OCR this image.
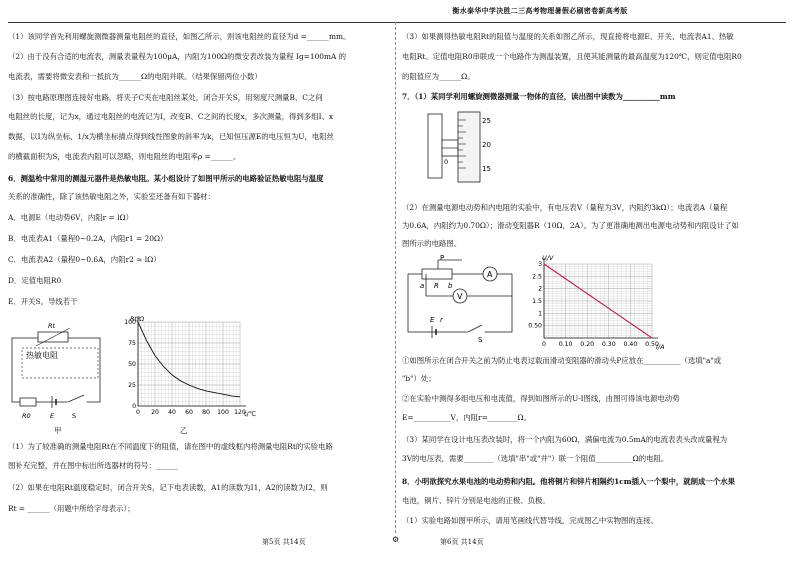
衡水泰华中学决胜二三高考物理暑假必刷密卷新高考版
（1）该同学首先利用螺旋测微器测量电阻丝的直径，如图乙所示，则该电阻丝的直径为d =______mm。
（2）由于没有合适的电流表，测量表量程为100μA，内阻为100Ω的微安表改装为量程 Ig=100mA 的
电流表，需要将微安表和一抵抗为______Ω的电阻并联。（结果保留两位小数）
（3）按电路原理图连接好电路，将夹子C夹在电阻丝某处，闭合开关S，用刻度尺测量B、C之间
电阻丝的长度，记为x，通过电阻丝的电流记为I，改变B、C之间的长度x，多次测量，得到多组I、x
数据，以I为纵坐标、1/x为横坐标描点得到线性图象的斜率为k，已知恒压源E的电压恒为U，电阻丝
的横截面积为S，电流表内阻可以忽略，则电阻丝的电阻率ρ =______。
6．测温枪中常用的测温元器件是热敏电阻。某小组设计了如图甲所示的电路验证热敏电阻与温度
关系的准确性，除了该热敏电阻之外，实验室还备有如下器材：
A．电源E（电动势6V，内阻r = lΩ）
B．电流表A1（量程0~0.2A，内阻r1 = 20Ω）
C．电流表A2（量程0~0.6A，内阻r2 ≈ lΩ）
D．定值电阻R0
E．开关S，导线若干
热敏电阻
Rt
R0	E	S
甲
0 20 40 60 80 100 120
0
25
50
75
100
Rt/Ω
t/℃
乙
（1）为了较准确的测量电阻Rt在不同温度下的阻值，请在图中的虚线框内将测量电阻Rt的实验电路
图补充完整，并在图中标出所选器材的符号：______
（2）如果在电阻Rt温度稳定时，闭合开关S，记下电表读数，A1的读数为I1，A2的读数为I2，则
Rt = ______（用题中所给字母表示）；
（3）如果测得热敏电阻Rt的阻值与温度的关系如图乙所示，现直接将电源E、开关、电流表A1、热敏
电阻Rt、定值电阻R0串联成一个电路作为测温装置，且使其能测量的最高温度为120℃，则定值电阻R0
的阻值应为______Ω。
7．（1）某同学利用螺旋测微器测量一物体的直径，读出图中读数为__________mm
25
20
15
0
（2）在测量电源电动势和内电阻的实验中，有电压表V（量程为3V，内阻约3kΩ）；电流表A（量程
为0.6A，内阻约为0.70Ω）；滑动变阻器R（10Ω，2A）。为了更准确地测出电源电动势和内阻设计了如
图所示的电路图。
P
a R b
A
V
E r
S
0 0.10 0.20 0.30 0.40 0.50
0.50
1
1.5
2
2.5
3
U/V
I/A
①如图所示在闭合开关之前为防止电表过载而滑动变阻器的滑动头P应放在__________（选填"a"或
"b"）处；
②在实验中测得多组电压和电流值，得到如图所示的U-I图线，由图可得该电源电动势
E=__________V，内阻r=________Ω。
（3）某同学在设计电压表改装时，将一个内阻为60Ω，满偏电流为0.5mA的电流表表头改成量程为
3V的电压表，需要________（选填"串"或"并"）联一个阻值__________Ω的电阻。
8．小明欲探究水果电池的电动势和内阻。他将铜片和锌片相隔约1cm插入一个梨中，就制成一个水果
电池，铜片、锌片分别是电池的正极、负极。
（1）实验电路如图甲所示，请用笔画线代替导线，完成图乙中实物图的连接。
第5页 共14页	⚙	第6页 共14页
